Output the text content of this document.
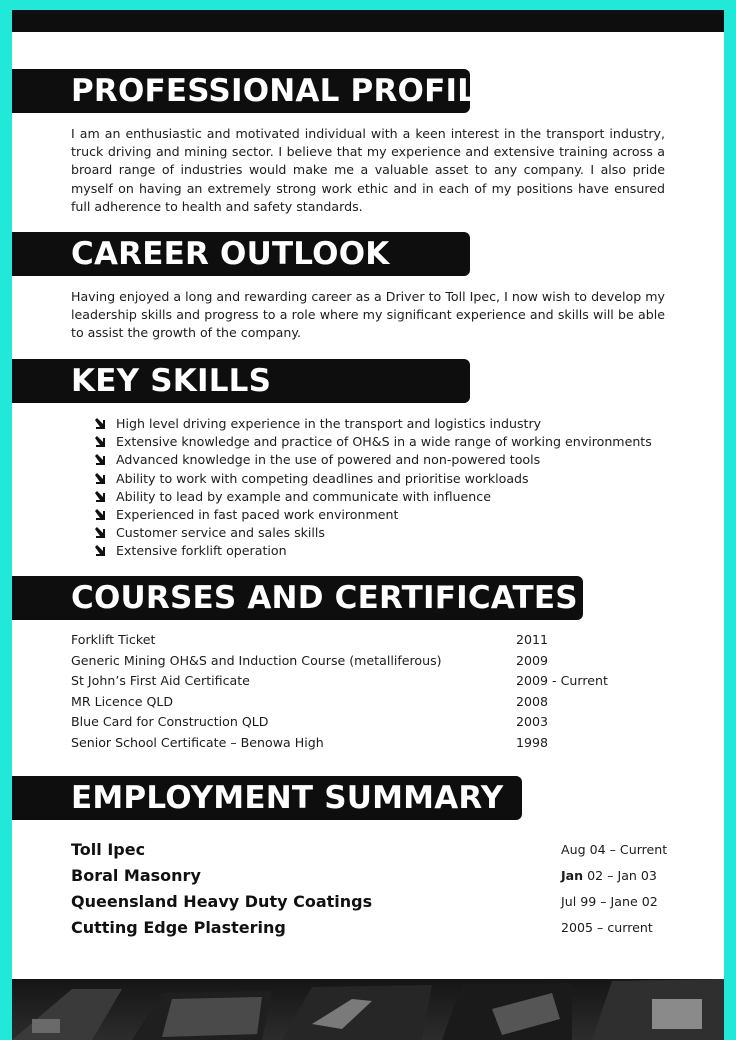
PROFESSIONAL PROFILE
I am an enthusiastic and motivated individual with a keen interest in the transport industry, truck driving and mining sector. I believe that my experience and extensive training across a broard range of industries would make me a valuable asset to any company. I also pride myself on having an extremely strong work ethic and in each of my positions have ensured full adherence to health and safety standards.
CAREER OUTLOOK
Having enjoyed a long and rewarding career as a Driver to Toll Ipec, I now wish to develop my leadership skills and progress to a role where my significant experience and skills will be able to assist the growth of the company.
KEY SKILLS
High level driving experience in the transport and logistics industry
Extensive knowledge and practice of OH&S in a wide range of working environments
Advanced knowledge in the use of powered and non-powered tools
Ability to work with competing deadlines and prioritise workloads
Ability to lead by example and communicate with influence
Experienced in fast paced work environment
Customer service and sales skills
Extensive forklift operation
COURSES AND CERTIFICATES
Forklift Ticket	2011
Generic Mining OH&S and Induction Course (metalliferous)	2009
St John’s First Aid Certificate	2009 - Current
MR Licence QLD	2008
Blue Card for Construction QLD	2003
Senior School Certificate – Benowa High	1998
EMPLOYMENT SUMMARY
Toll Ipec	Aug 04 – Current
Boral Masonry	Jan 02 – Jan 03
Queensland Heavy Duty Coatings	Jul 99 – Jane 02
Cutting Edge Plastering	2005 – current
